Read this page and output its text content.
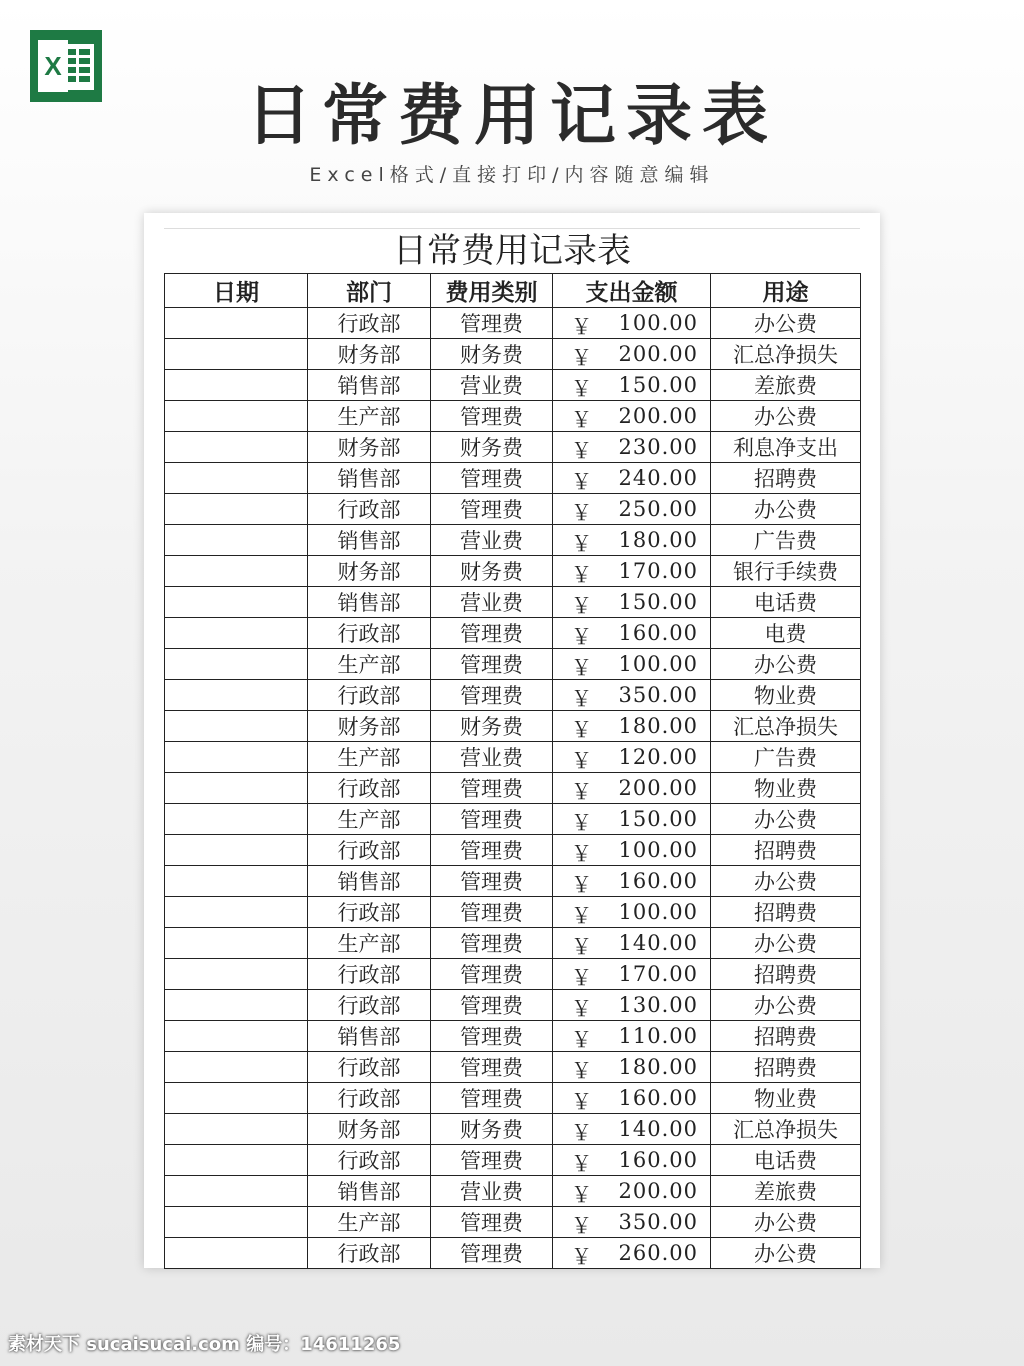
X
日常费用记录表
Excel格式/直接打印/内容随意编辑
日常费用记录表
日期	部门	费用类别	支出金额	用途
	行政部	管理费	￥ 100.00	办公费
	财务部	财务费	￥ 200.00	汇总净损失
	销售部	营业费	￥ 150.00	差旅费
	生产部	管理费	￥ 200.00	办公费
	财务部	财务费	￥ 230.00	利息净支出
	销售部	管理费	￥ 240.00	招聘费
	行政部	管理费	￥ 250.00	办公费
	销售部	营业费	￥ 180.00	广告费
	财务部	财务费	￥ 170.00	银行手续费
	销售部	营业费	￥ 150.00	电话费
	行政部	管理费	￥ 160.00	电费
	生产部	管理费	￥ 100.00	办公费
	行政部	管理费	￥ 350.00	物业费
	财务部	财务费	￥ 180.00	汇总净损失
	生产部	营业费	￥ 120.00	广告费
	行政部	管理费	￥ 200.00	物业费
	生产部	管理费	￥ 150.00	办公费
	行政部	管理费	￥ 100.00	招聘费
	销售部	管理费	￥ 160.00	办公费
	行政部	管理费	￥ 100.00	招聘费
	生产部	管理费	￥ 140.00	办公费
	行政部	管理费	￥ 170.00	招聘费
	行政部	管理费	￥ 130.00	办公费
	销售部	管理费	￥ 110.00	招聘费
	行政部	管理费	￥ 180.00	招聘费
	行政部	管理费	￥ 160.00	物业费
	财务部	财务费	￥ 140.00	汇总净损失
	行政部	管理费	￥ 160.00	电话费
	销售部	营业费	￥ 200.00	差旅费
	生产部	管理费	￥ 350.00	办公费
	行政部	管理费	￥ 260.00	办公费
素材天下 sucaisucai.com 编号：14611265
